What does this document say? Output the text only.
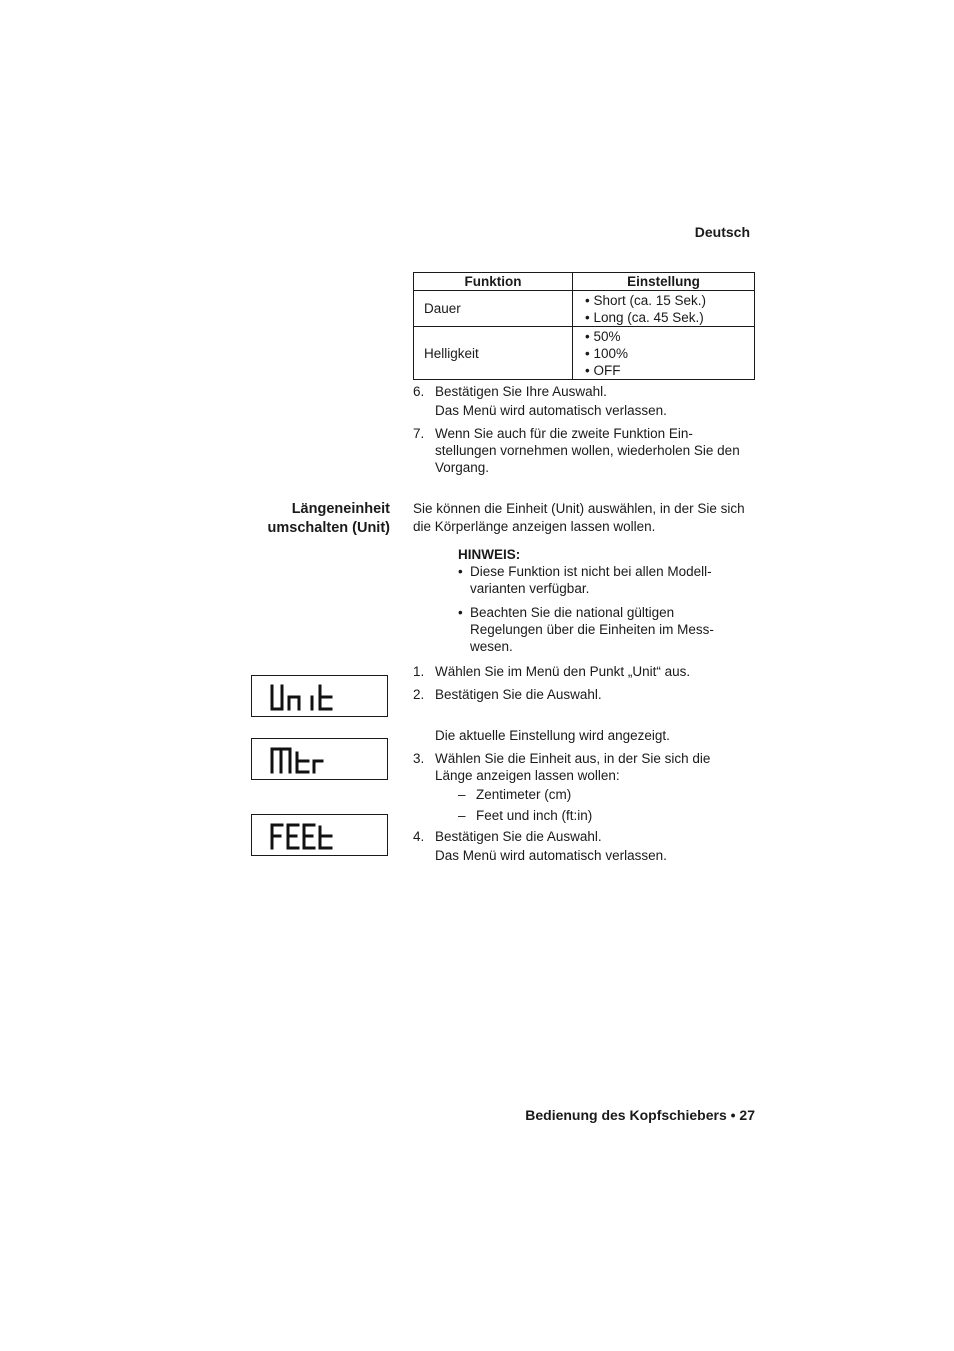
Deutsch
Funktion	Einstellung
Dauer	• Short (ca. 15 Sek.)
• Long (ca. 45 Sek.)

Helligkeit	• 50%
• 100%
• OFF
6. Bestätigen Sie Ihre Auswahl.
Das Menü wird automatisch verlassen.
7. Wenn Sie auch für die zweite Funktion Ein-
stellungen vornehmen wollen, wiederholen Sie den
Vorgang.
Längeneinheit
umschalten (Unit)
Sie können die Einheit (Unit) auswählen, in der Sie sich
die Körperlänge anzeigen lassen wollen.
HINWEIS:
• Diese Funktion ist nicht bei allen Modell-
varianten verfügbar.
• Beachten Sie die national gültigen
Regelungen über die Einheiten im Mess-
wesen.
1. Wählen Sie im Menü den Punkt „Unit“ aus.
2. Bestätigen Sie die Auswahl.
Die aktuelle Einstellung wird angezeigt.
3. Wählen Sie die Einheit aus, in der Sie sich die
Länge anzeigen lassen wollen:
– Zentimeter (cm)
– Feet und inch (ft:in)
4. Bestätigen Sie die Auswahl.
Das Menü wird automatisch verlassen.
Bedienung des Kopfschiebers • 27
